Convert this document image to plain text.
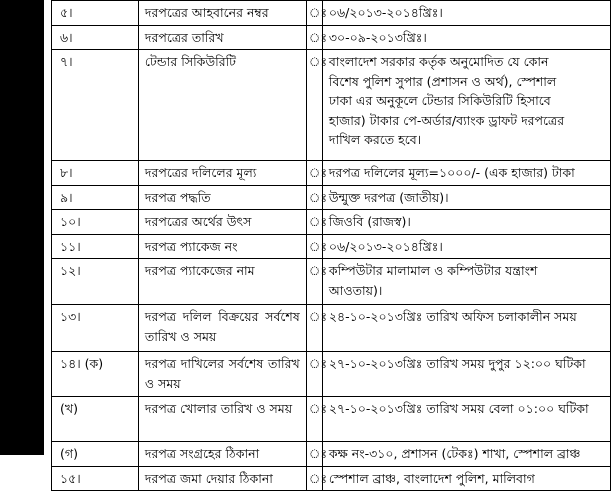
৫।	দরপত্রের আহবানের নম্বর	ঃ	০৬/২০১৩-২০১৪খ্রিঃ।
৬।	দরপত্রের তারিখ	ঃ	৩০-০৯-২০১৩খ্রিঃ।
৭।	টেন্ডার সিকিউরিটি	ঃ	বাংলাদেশ সরকার কর্তৃক অনুমোদিত যে কোন
বিশেষ পুলিশ সুপার (প্রশাসন ও অর্থ), স্পেশাল
ঢাকা এর অনুকূলে টেন্ডার সিকিউরিটি হিসাবে
হাজার) টাকার পে-অর্ডার/ব্যাংক ড্রাফট দরপত্রের
দাখিল করতে হবে।

৮।	দরপত্রের দলিলের মূল্য	ঃ	দরপত্র দলিলের মূল্য=১০০০/- (এক হাজার) টাকা
৯।	দরপত্র পদ্ধতি	ঃ	উন্মুক্ত দরপত্র (জাতীয়)।
১০।	দরপত্রের অর্থের উৎস	ঃ	জিওবি (রাজস্ব)।
১১।	দরপত্র প্যাকেজ নং	ঃ	০৬/২০১৩-২০১৪খ্রিঃ।
১২।	দরপত্র প্যাকেজের নাম	ঃ	কম্পিউটার মালামাল ও কম্পিউটার যন্ত্রাংশ
আওতায়)।

১৩।	দরপত্র দলিল বিক্রয়ের সর্বশেষ তারিখ ও সময়	ঃ	২৪-১০-২০১৩খ্রিঃ তারিখ অফিস চলাকালীন সময়
১৪। (ক)	দরপত্র দাখিলের সর্বশেষ তারিখ ও সময়	ঃ	২৭-১০-২০১৩খ্রিঃ তারিখ সময় দুপুর ১২:০০ ঘটিকা
(খ)	দরপত্র খোলার তারিখ ও সময়	ঃ	২৭-১০-২০১৩খ্রিঃ তারিখ সময় বেলা ০১:০০ ঘটিকা
(গ)	দরপত্র সংগ্রহের ঠিকানা	ঃ	কক্ষ নং-৩১০, প্রশাসন (টেকঃ) শাখা, স্পেশাল ব্রাঞ্চ
১৫।	দরপত্র জমা দেয়ার ঠিকানা	ঃ	স্পেশাল ব্রাঞ্চ, বাংলাদেশ পুলিশ, মালিবাগ
